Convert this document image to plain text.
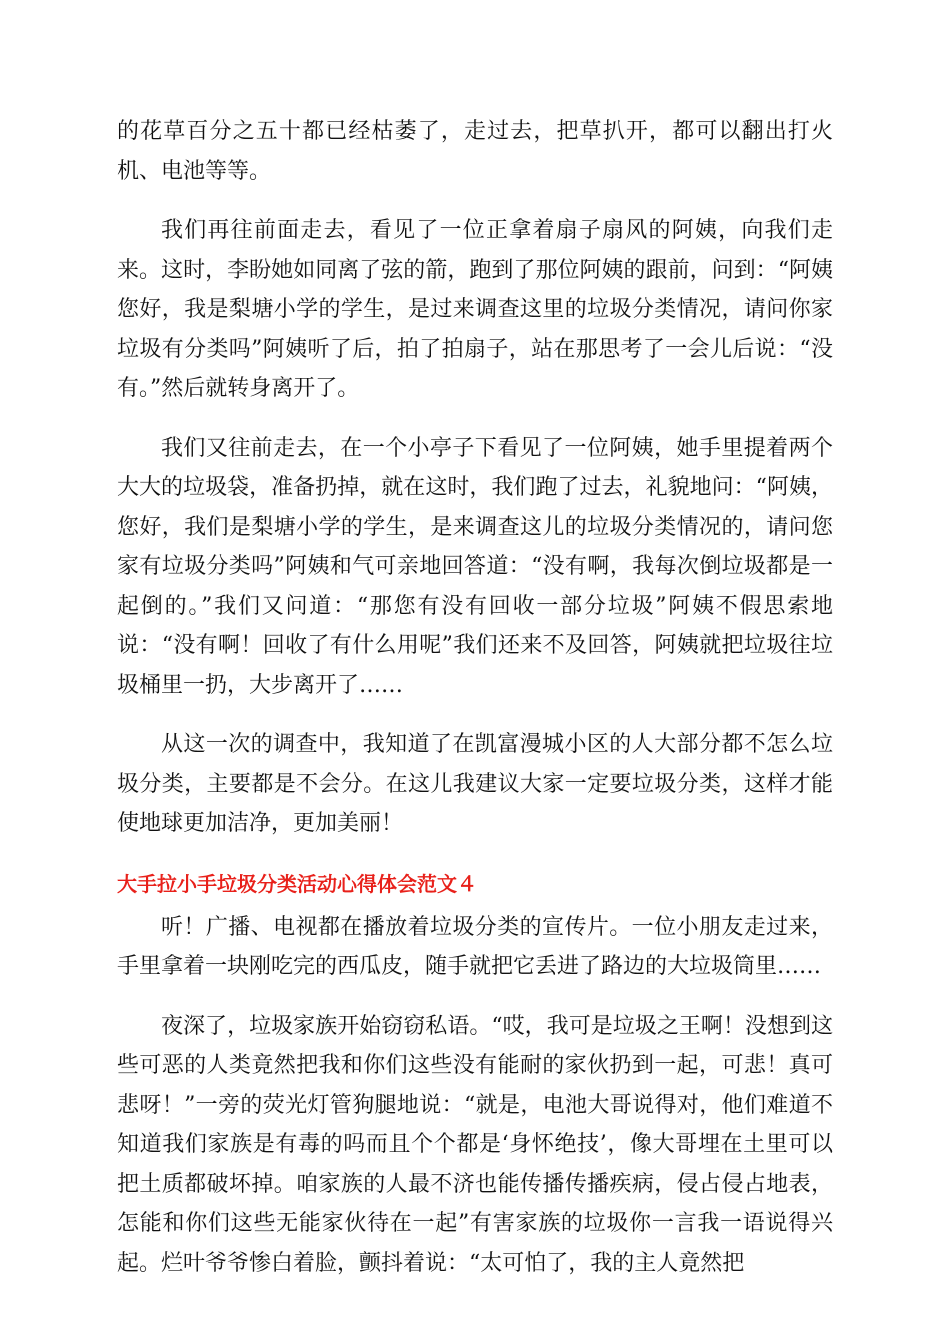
的花草百分之五十都已经枯萎了，走过去，把草扒开，都可以翻出打火机、电池等等。

我们再往前面走去，看见了一位正拿着扇子扇风的阿姨，向我们走来。这时，李盼她如同离了弦的箭，跑到了那位阿姨的跟前，问到：“阿姨您好，我是梨塘小学的学生，是过来调查这里的垃圾分类情况，请问你家垃圾有分类吗”阿姨听了后，拍了拍扇子，站在那思考了一会儿后说：“没有。”然后就转身离开了。

我们又往前走去，在一个小亭子下看见了一位阿姨，她手里提着两个大大的垃圾袋，准备扔掉，就在这时，我们跑了过去，礼貌地问：“阿姨，您好，我们是梨塘小学的学生，是来调查这儿的垃圾分类情况的，请问您家有垃圾分类吗”阿姨和气可亲地回答道：“没有啊，我每次倒垃圾都是一起倒的。”我们又问道：“那您有没有回收一部分垃圾”阿姨不假思索地说：“没有啊！回收了有什么用呢”我们还来不及回答，阿姨就把垃圾往垃圾桶里一扔，大步离开了……

从这一次的调查中，我知道了在凯富漫城小区的人大部分都不怎么垃圾分类，主要都是不会分。在这儿我建议大家一定要垃圾分类，这样才能使地球更加洁净，更加美丽！

大手拉小手垃圾分类活动心得体会范文４

听！广播、电视都在播放着垃圾分类的宣传片。一位小朋友走过来，手里拿着一块刚吃完的西瓜皮，随手就把它丢进了路边的大垃圾筒里……

夜深了，垃圾家族开始窃窃私语。“哎，我可是垃圾之王啊！没想到这些可恶的人类竟然把我和你们这些没有能耐的家伙扔到一起，可悲！真可悲呀！”一旁的荧光灯管狗腿地说：“就是，电池大哥说得对，他们难道不知道我们家族是有毒的吗而且个个都是‘身怀绝技’，像大哥埋在土里可以把土质都破坏掉。咱家族的人最不济也能传播传播疾病，侵占侵占地表，怎能和你们这些无能家伙待在一起”有害家族的垃圾你一言我一语说得兴起。烂叶爷爷惨白着脸，颤抖着说：“太可怕了，我的主人竟然把
